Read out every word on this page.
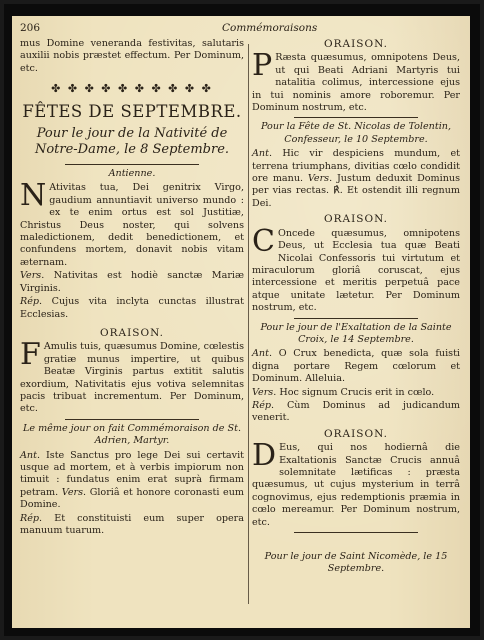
206	Commémoraisons

mus Domine veneranda festivitas, salutaris auxilii nobis præstet effectum. Per Dominum, etc.

✤ ✤ ✤ ✤ ✤ ✤ ✤ ✤ ✤ ✤
FÊTES DE SEPTEMBRE.
Pour le jour de la Nativité de Notre-Dame, le 8 Septembre.
Antienne.

N Ativitas tua, Dei genitrix Virgo, gaudium annuntiavit universo mundo : ex te enim ortus est sol Justitiæ, Christus Deus noster, qui solvens maledictionem, dedit benedictionem, et confundens mortem, donavit nobis vitam æternam.

Vers. Nativitas est hodiè sanctæ Mariæ Virginis.

Rép. Cujus vita inclyta cunctas illustrat Ecclesias.

ORAISON.

F Amulis tuis, quæsumus Domine, cœlestis gratiæ munus impertire, ut quibus Beatæ Virginis partus extitit salutis exordium, Nativitatis ejus votiva selemnitas pacis tribuat incrementum. Per Dominum, etc.

Le même jour on fait Commémoraison de St. Adrien, Martyr.

Ant. Iste Sanctus pro lege Dei sui certavit usque ad mortem, et à verbis impiorum non timuit : fundatus enim erat suprà firmam petram. Vers. Gloriâ et honore coronasti eum Domine.

Rép. Et constituisti eum super opera manuum tuarum.

ORAISON.

P Ræsta quæsumus, omnipotens Deus, ut qui Beati Adriani Martyris tui natalitia colimus, intercessione ejus in tui nominis amore roboremur. Per Dominum nostrum, etc.

Pour la Fête de St. Nicolas de Tolentin, Confesseur, le 10 Septembre.

Ant. Hic vir despiciens mundum, et terrena triumphans, divitias cœlo condidit ore manu. Vers. Justum deduxit Dominus per vias rectas. ℟. Et ostendit illi regnum Dei.

ORAISON.

C Oncede quæsumus, omnipotens Deus, ut Ecclesia tua quæ Beati Nicolai Confessoris tui virtutum et miraculorum gloriâ coruscat, ejus intercessione et meritis perpetuâ pace atque unitate lætetur. Per Dominum nostrum, etc.

Pour le jour de l'Exaltation de la Sainte Croix, le 14 Septembre.

Ant. O Crux benedicta, quæ sola fuisti digna portare Regem cœlorum et Dominum. Alleluia.

Vers. Hoc signum Crucis erit in cœlo.

Rép. Cùm Dominus ad judicandum venerit.

ORAISON.

D Eus, qui nos hodiernâ die Exaltationis Sanctæ Crucis annuâ solemnitate lætificas : præsta quæsumus, ut cujus mysterium in terrâ cognovimus, ejus redemptionis præmia in cœlo mereamur. Per Dominum nostrum, etc.

Pour le jour de Saint Nicomède, le 15 Septembre.
